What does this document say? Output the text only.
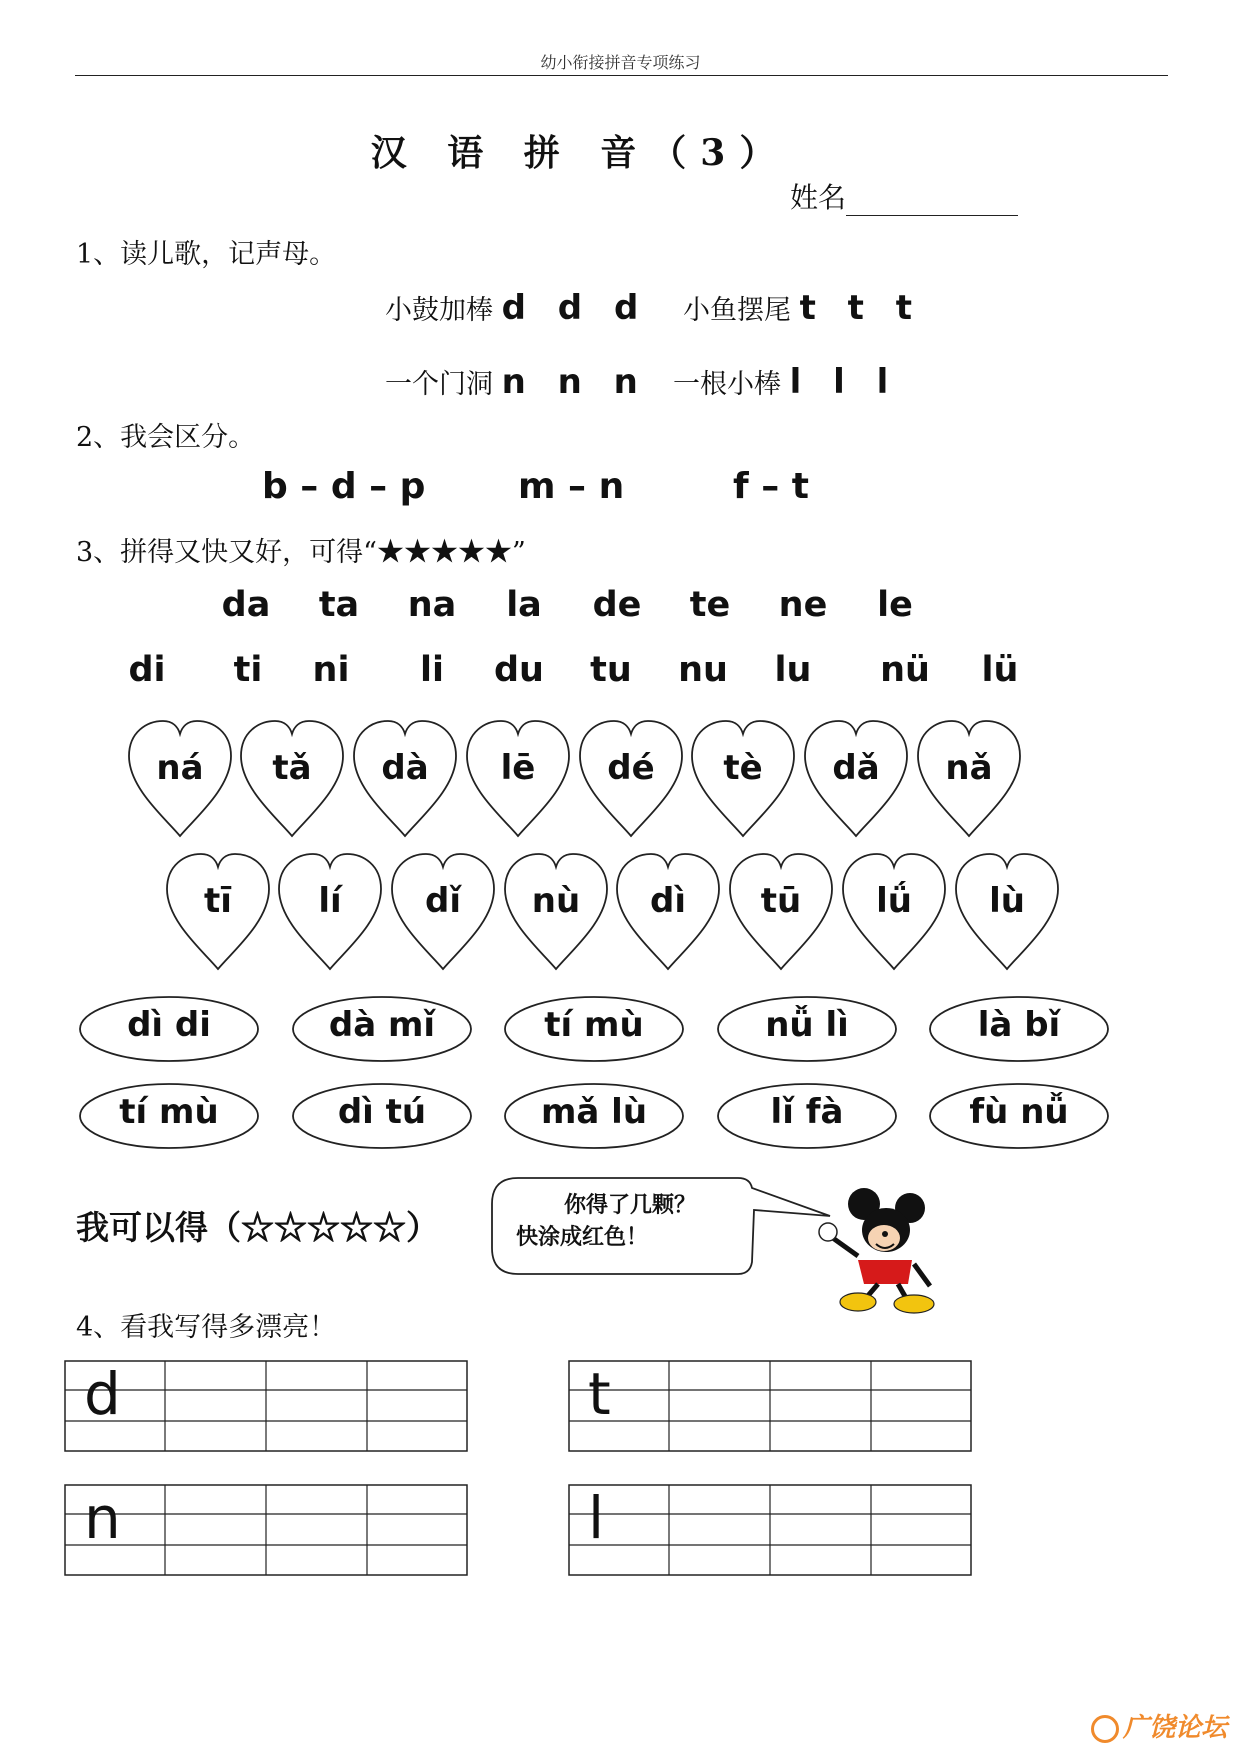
幼小衔接拼音专项练习
汉 语 拼 音（3）
姓名
1、读儿歌，记声母。
小鼓加棒 d d d 小鱼摆尾 t t t
一个门洞 n n n 一根小棒 l l l
2、我会区分。
b – d – p	m – n	f – t
3、拼得又快又好，可得“★★★★★”
da ta na la de te ne le
di ti ni li du tu nu lu nü lü
ná	tǎ	dà	lē	dé	tè	dǎ	nǎ
tī	lí	dǐ	nù	dì	tū	lǘ	lù
dì di	dà mǐ	tí mù	nǚ lì	là bǐ
tí mù	dì tú	mǎ lù	lǐ fà	fù nǚ
我可以得（☆☆☆☆☆）
你得了几颗？
快涂成红色！
4、看我写得多漂亮！
d	t
n	l
广饶论坛
